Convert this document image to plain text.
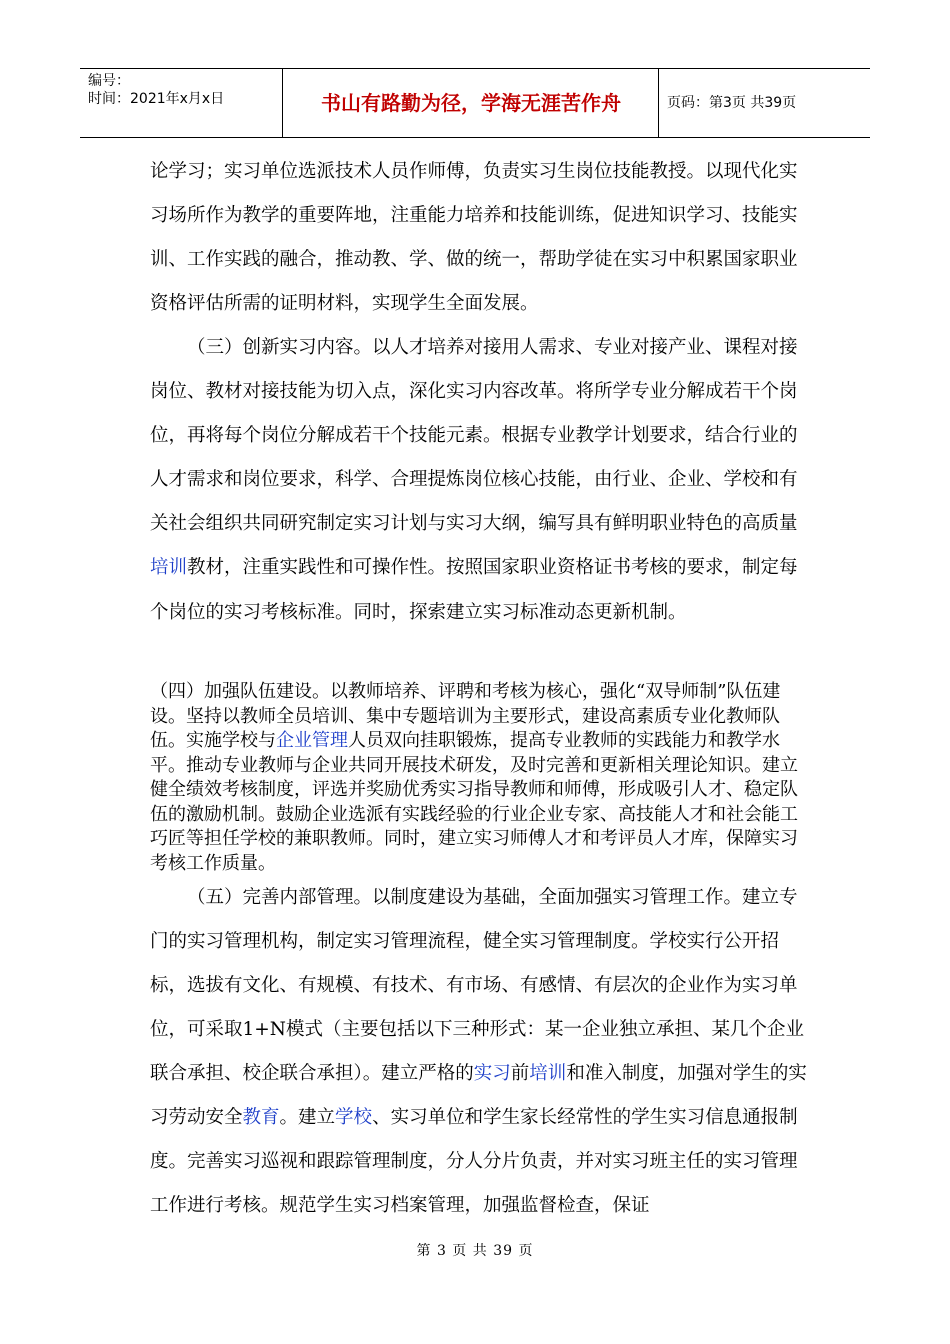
编号：
时间：2021年x月x日	书山有路勤为径，学海无涯苦作舟	页码：第3页 共39页

论学习；实习单位选派技术人员作师傅，负责实习生岗位技能教授。以现代化实习场所作为教学的重要阵地，注重能力培养和技能训练，促进知识学习、技能实训、工作实践的融合，推动教、学、做的统一，帮助学徒在实习中积累国家职业资格评估所需的证明材料，实现学生全面发展。

（三）创新实习内容。以人才培养对接用人需求、专业对接产业、课程对接岗位、教材对接技能为切入点，深化实习内容改革。将所学专业分解成若干个岗位，再将每个岗位分解成若干个技能元素。根据专业教学计划要求，结合行业的人才需求和岗位要求，科学、合理提炼岗位核心技能，由行业、企业、学校和有关社会组织共同研究制定实习计划与实习大纲，编写具有鲜明职业特色的高质量培训教材，注重实践性和可操作性。按照国家职业资格证书考核的要求，制定每个岗位的实习考核标准。同时，探索建立实习标准动态更新机制。

（四）加强队伍建设。以教师培养、评聘和考核为核心，强化“双导师制”队伍建设。坚持以教师全员培训、集中专题培训为主要形式，建设高素质专业化教师队伍。实施学校与企业管理人员双向挂职锻炼，提高专业教师的实践能力和教学水平。推动专业教师与企业共同开展技术研发，及时完善和更新相关理论知识。建立健全绩效考核制度，评选并奖励优秀实习指导教师和师傅，形成吸引人才、稳定队伍的激励机制。鼓励企业选派有实践经验的行业企业专家、高技能人才和社会能工巧匠等担任学校的兼职教师。同时，建立实习师傅人才和考评员人才库，保障实习考核工作质量。

（五）完善内部管理。以制度建设为基础，全面加强实习管理工作。建立专门的实习管理机构，制定实习管理流程，健全实习管理制度。学校实行公开招标，选拔有文化、有规模、有技术、有市场、有感情、有层次的企业作为实习单位，可采取1+N模式（主要包括以下三种形式：某一企业独立承担、某几个企业联合承担、校企联合承担）。建立严格的实习前培训和准入制度，加强对学生的实习劳动安全教育。建立学校、实习单位和学生家长经常性的学生实习信息通报制度。完善实习巡视和跟踪管理制度，分人分片负责，并对实习班主任的实习管理工作进行考核。规范学生实习档案管理，加强监督检查，保证

第 3 页 共 39 页
